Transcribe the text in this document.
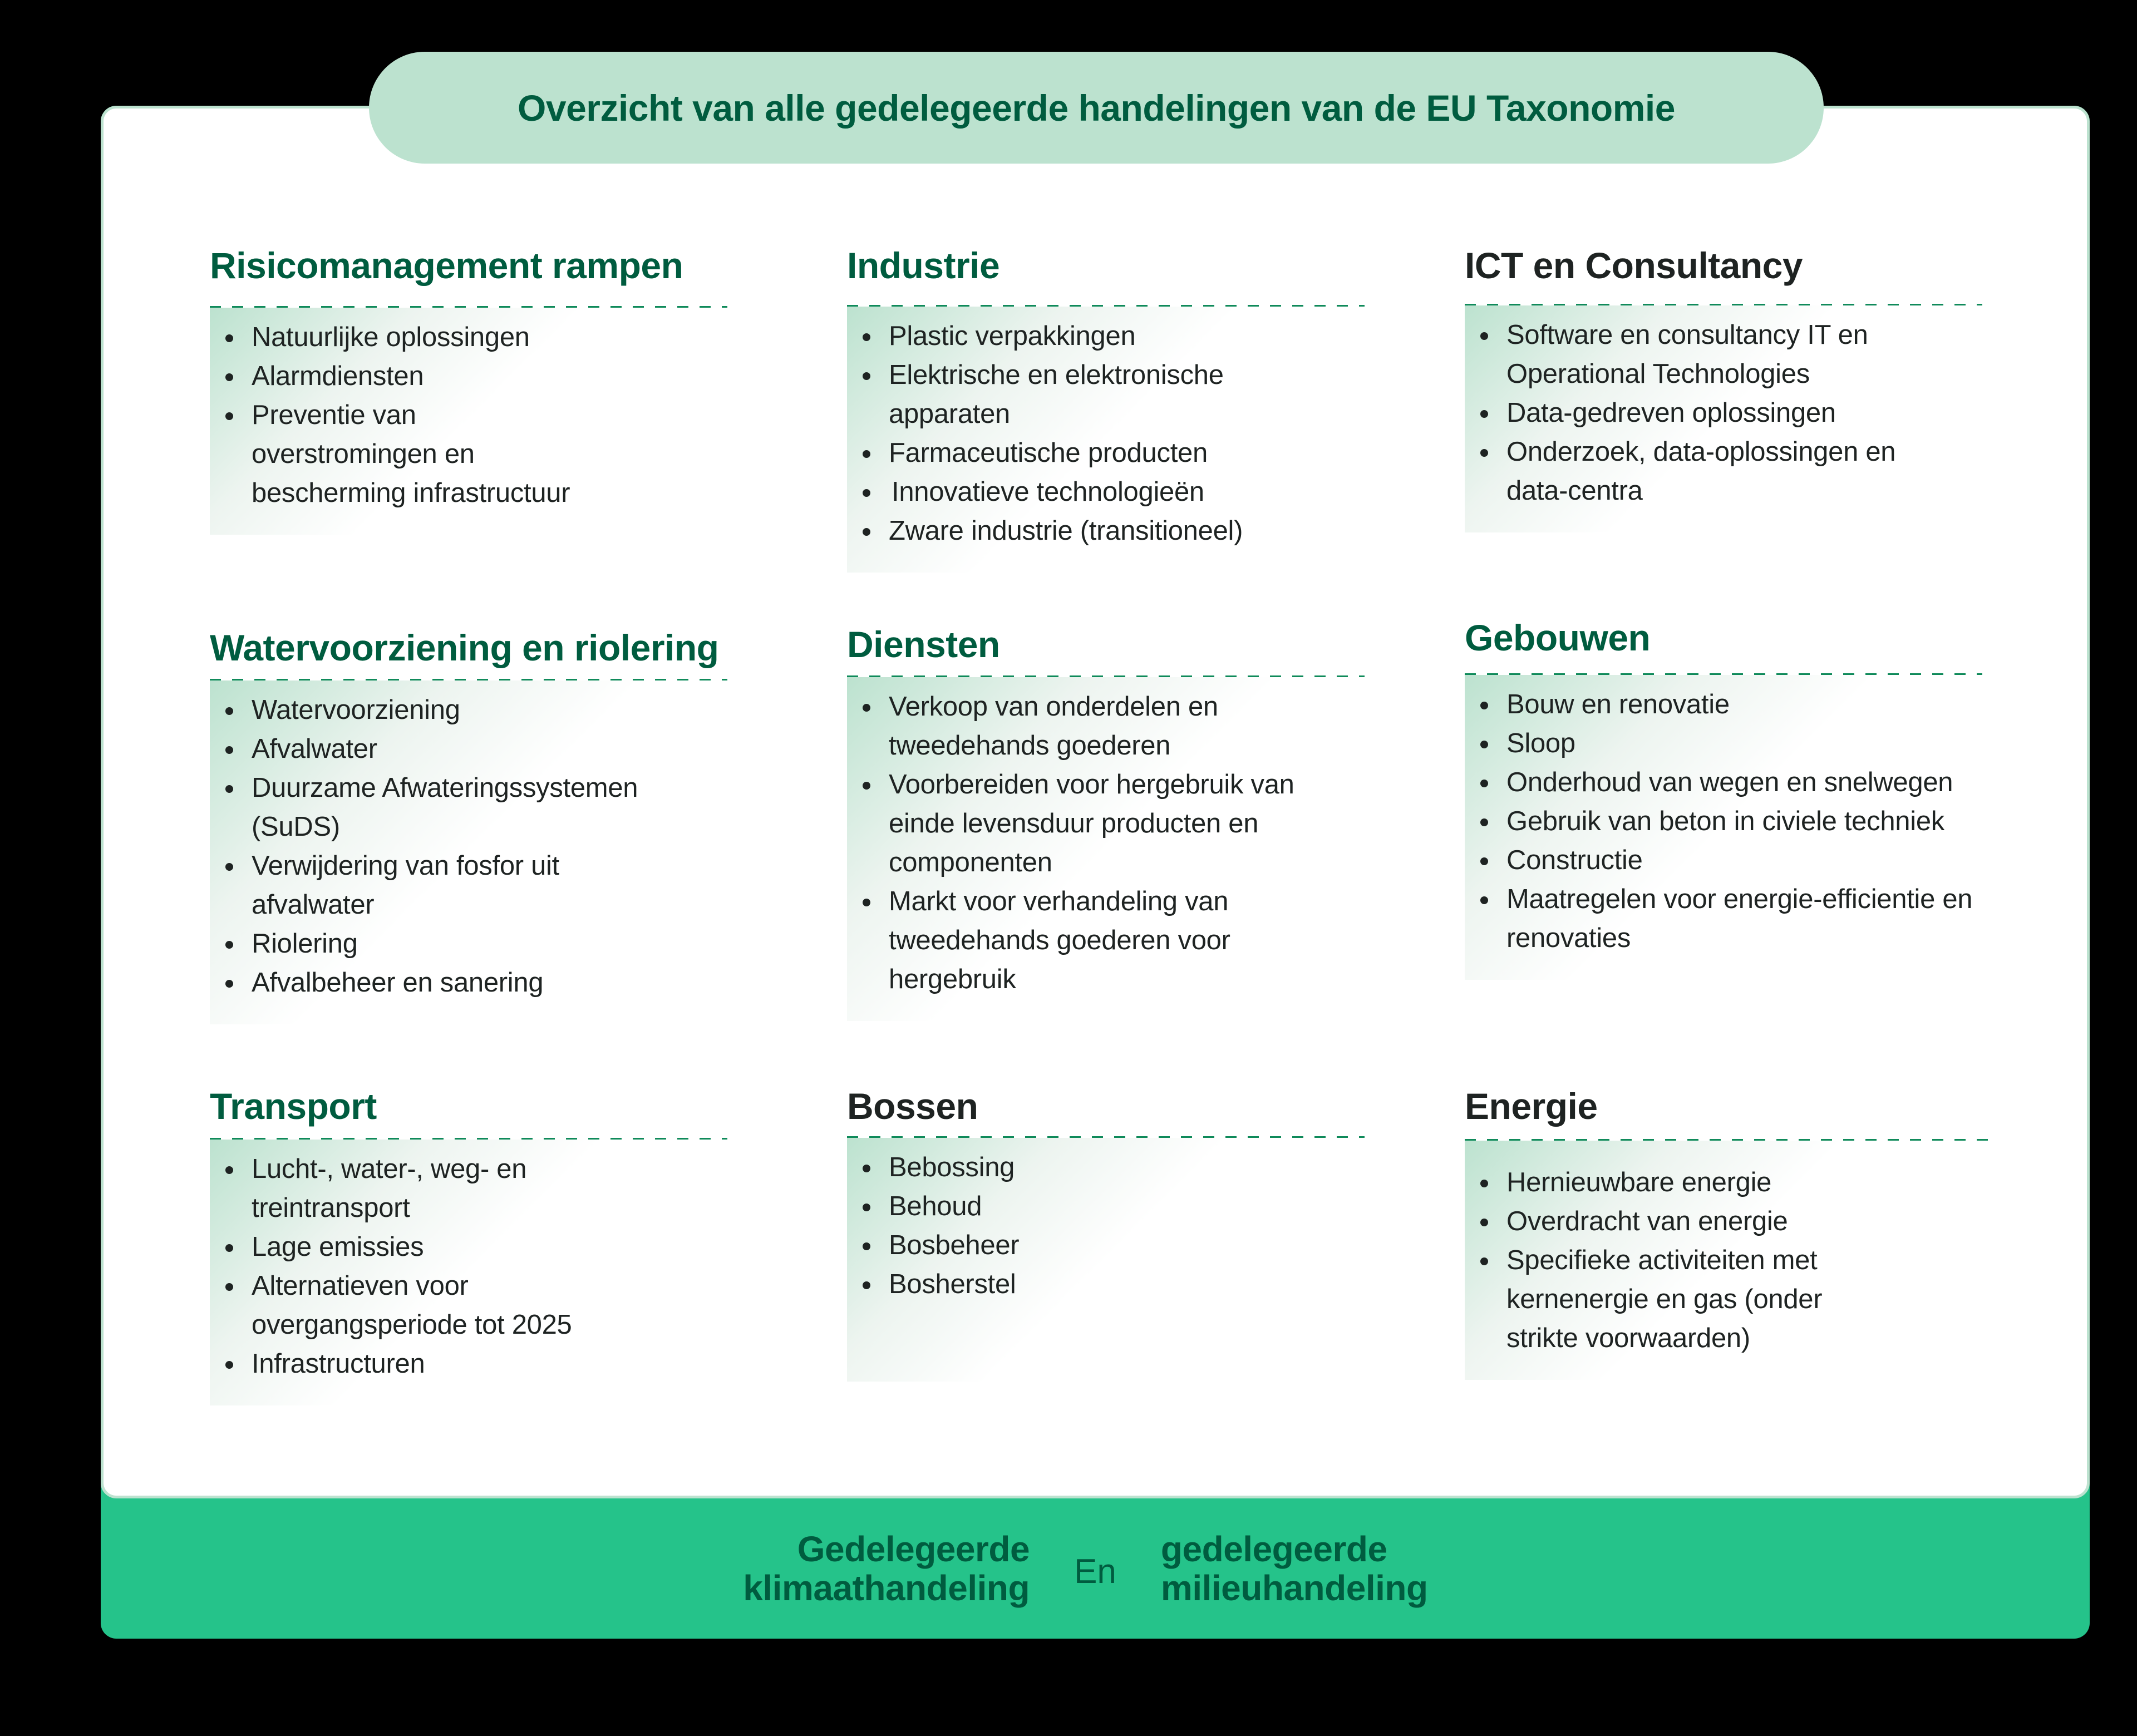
Overzicht van alle gedelegeerde handelingen van de EU Taxonomie
Gedelegeerde
klimaathandeling En
gedelegeerde
milieuhandeling
Risicomanagement rampen
Natuurlijke oplossingen
Alarmdiensten
Preventie van overstromingen en bescherming infrastructuur
Industrie
Plastic verpakkingen
Elektrische en elektronische apparaten
Farmaceutische producten
Innovatieve technologieën
Zware industrie (transitioneel)
ICT en Consultancy
Software en consultancy IT en Operational Technologies
Data-gedreven oplossingen
Onderzoek, data-oplossingen en data-centra
Watervoorziening en riolering
Watervoorziening
Afvalwater
Duurzame Afwateringssystemen (SuDS)
Verwijdering van fosfor uit afvalwater
Riolering
Afvalbeheer en sanering
Diensten
Verkoop van onderdelen en tweedehands goederen
Voorbereiden voor hergebruik van einde levensduur producten en componenten
Markt voor verhandeling van tweedehands goederen voor hergebruik
Gebouwen
Bouw en renovatie
Sloop
Onderhoud van wegen en snelwegen
Gebruik van beton in civiele techniek
Constructie
Maatregelen voor energie-efficientie en renovaties
Transport
Lucht-, water-, weg- en treintransport
Lage emissies
Alternatieven voor overgangsperiode tot 2025
Infrastructuren
Bossen
Bebossing
Behoud
Bosbeheer
Bosherstel
Energie
Hernieuwbare energie
Overdracht van energie
Specifieke activiteiten met kernenergie en gas (onder strikte voorwaarden)
